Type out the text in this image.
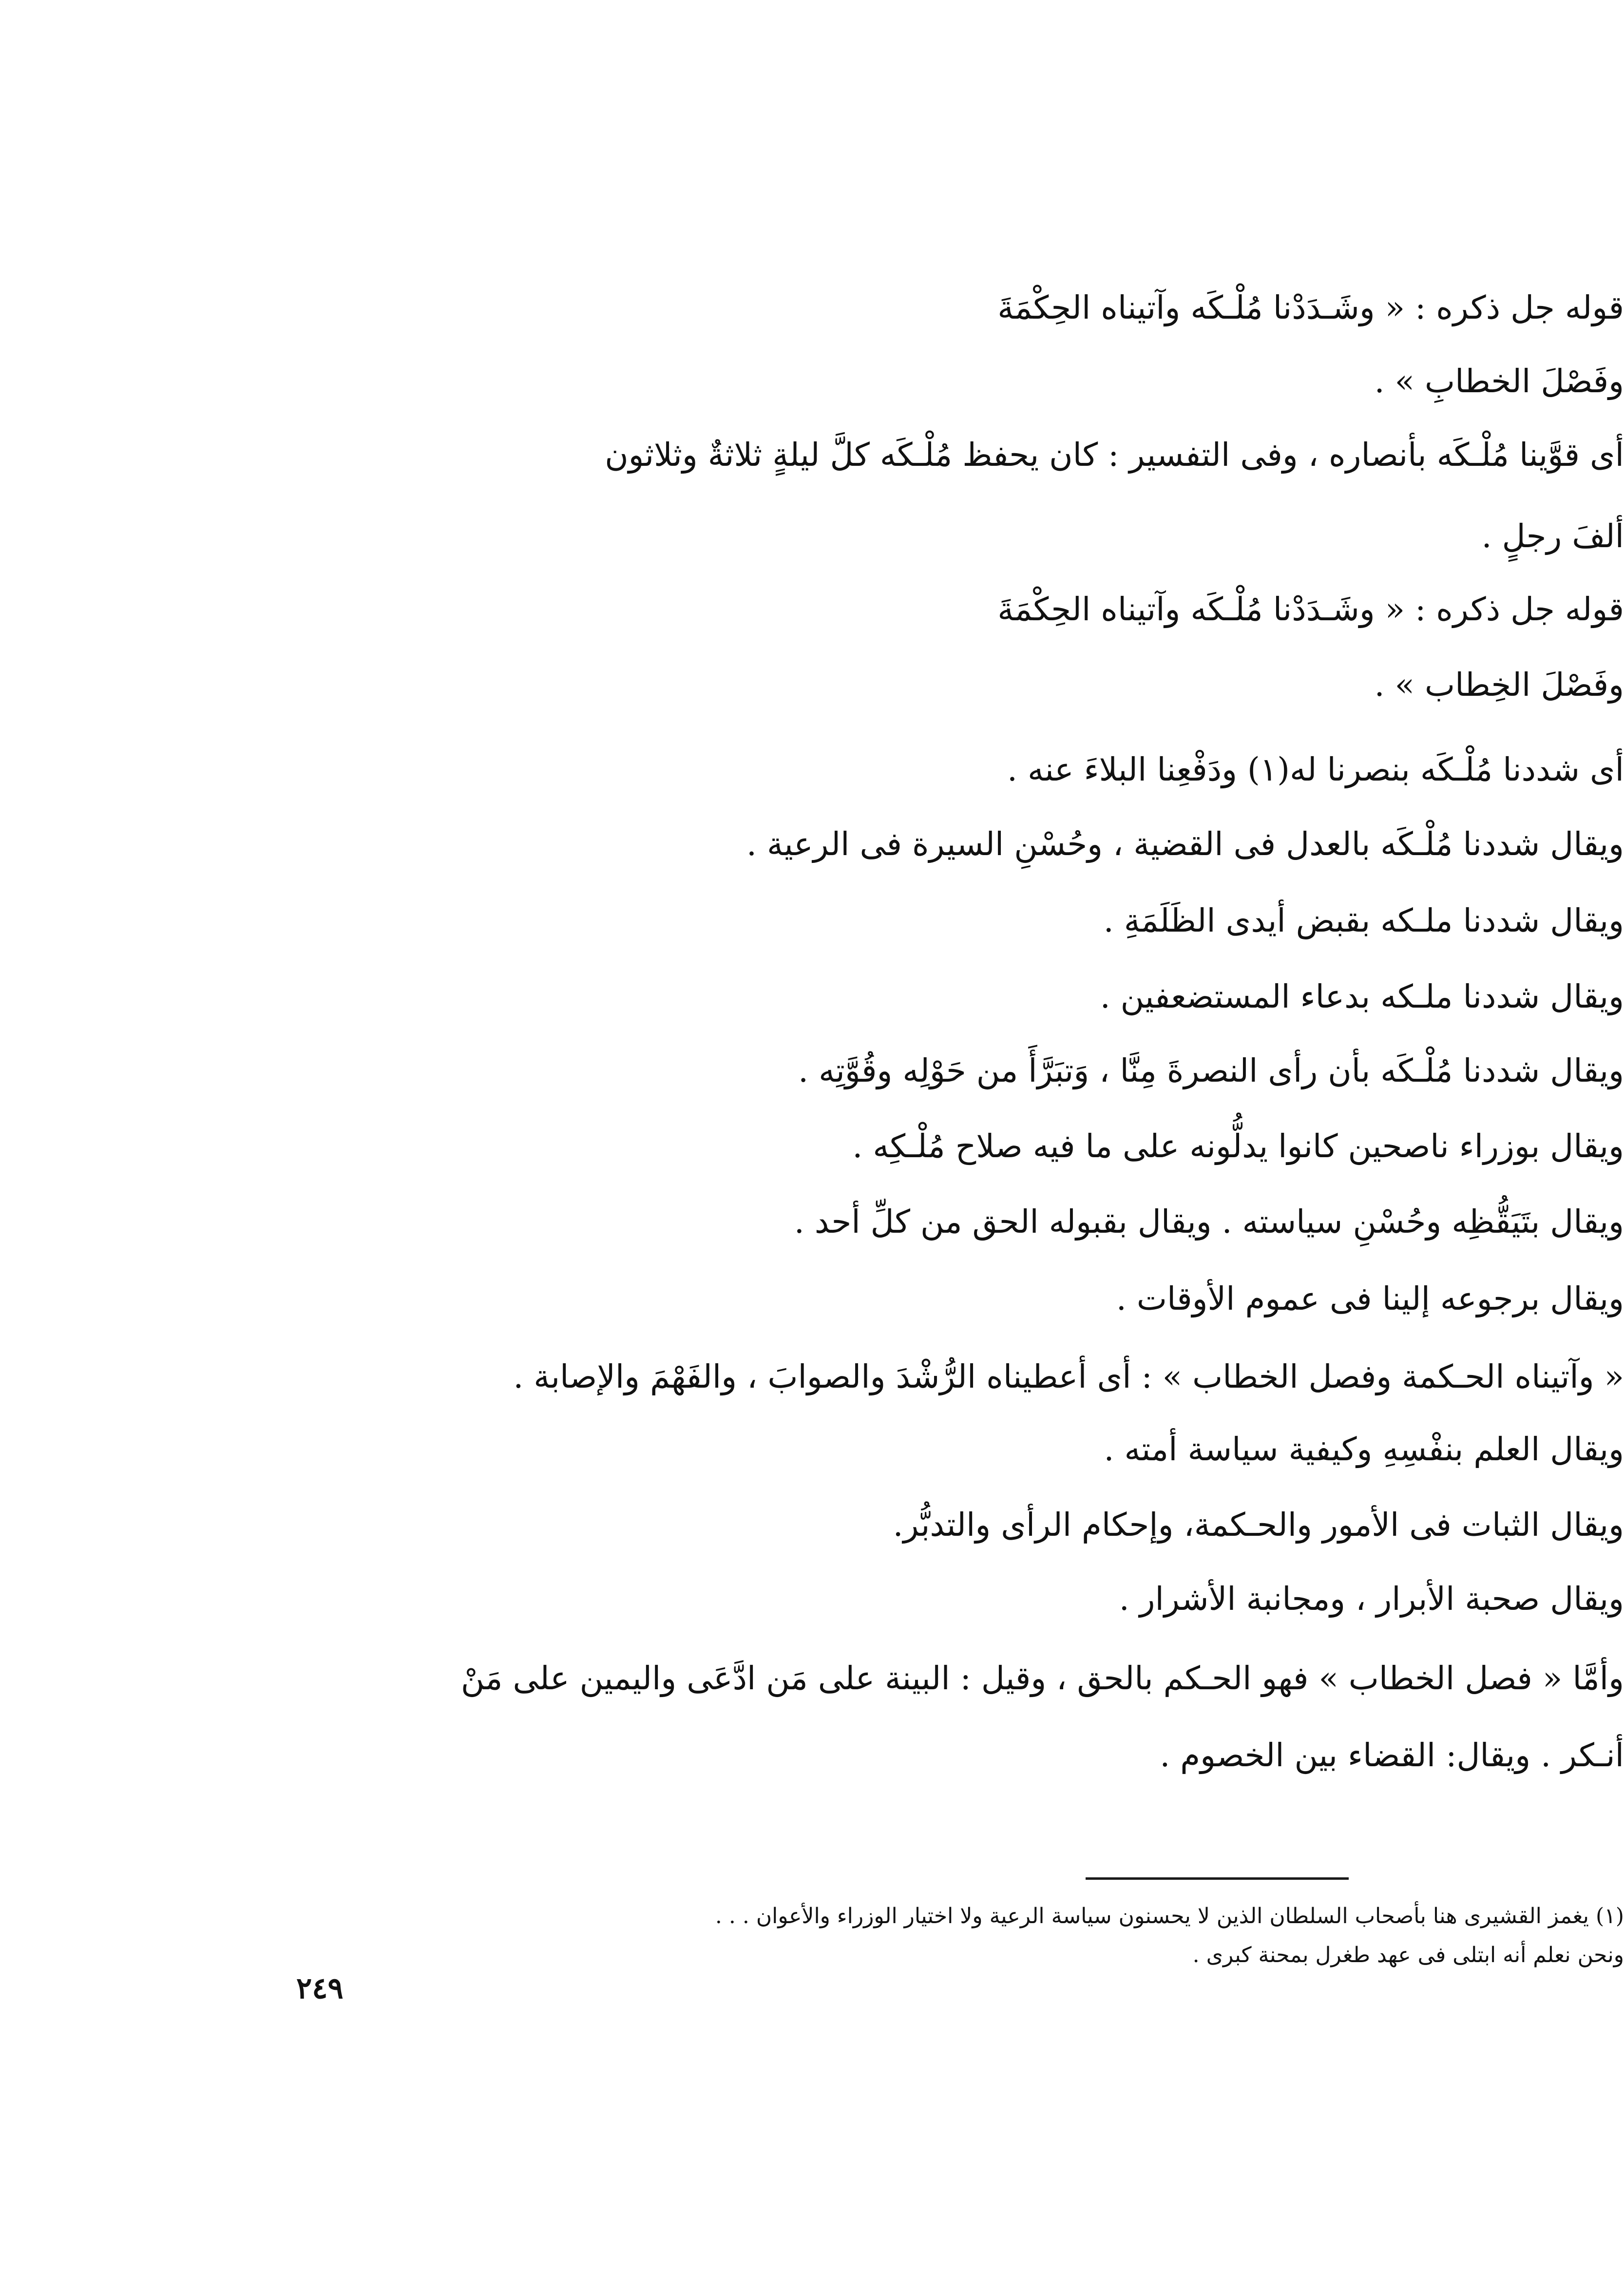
قوله جل ذكره : « وشَـدَدْنا مُلْـكَه وآتيناه الحِكْمَةَ

وفَصْلَ الخطابِ » .

أى قوَّينا مُلْـكَه بأنصاره ، وفى التفسير : كان يحفظ مُلْـكَه كلَّ ليلةٍ ثلاثةٌ وثلاثون

ألفَ رجلٍ .

قوله جل ذكره : « وشَـدَدْنا مُلْـكَه وآتيناه الحِكْمَةَ

وفَصْلَ الخِطاب » .

أى شددنا مُلْـكَه بنصرنا له(١) ودَفْعِنا البلاءَ عنه .

ويقال شددنا مُلْـكَه بالعدل فى القضية ، وحُسْنِ السيرة فى الرعية .

ويقال شددنا ملـكه بقبض أيدى الظَلَمَةِ .

ويقال شددنا ملـكه بدعاء المستضعفين .

ويقال شددنا مُلْـكَه بأن رأى النصرةَ مِنَّا ، وَتبَرَّأَ من حَوْلِه وقُوَّتِه .

ويقال بوزراء ناصحين كانوا يدلُّونه على ما فيه صلاح مُلْـكِه .

ويقال بتَيَقُّظِه وحُسْنِ سياسته . ويقال بقبوله الحق من كلِّ أحد .

ويقال برجوعه إلينا فى عموم الأوقات .

« وآتيناه الحـكمة وفصل الخطاب » : أى أعطيناه الرُّشْدَ والصوابَ ، والفَهْمَ والإصابة .

ويقال العلم بنفْسِهِ وكيفية سياسة أمته .

ويقال الثبات فى الأمور والحـكمة، وإحكام الرأى والتدبُّر.

ويقال صحبة الأبرار ، ومجانبة الأشرار .

وأمَّا « فصل الخطاب » فهو الحـكم بالحق ، وقيل : البينة على مَن ادَّعَى واليمين على مَنْ

أنـكر . ويقال: القضاء بين الخصوم .

(١) يغمز القشيرى هنا بأصحاب السلطان الذين لا يحسنون سياسة الرعية ولا اختيار الوزراء والأعوان . . .

ونحن نعلم أنه ابتلى فى عهد طغرل بمحنة كبرى .

٢٤٩
